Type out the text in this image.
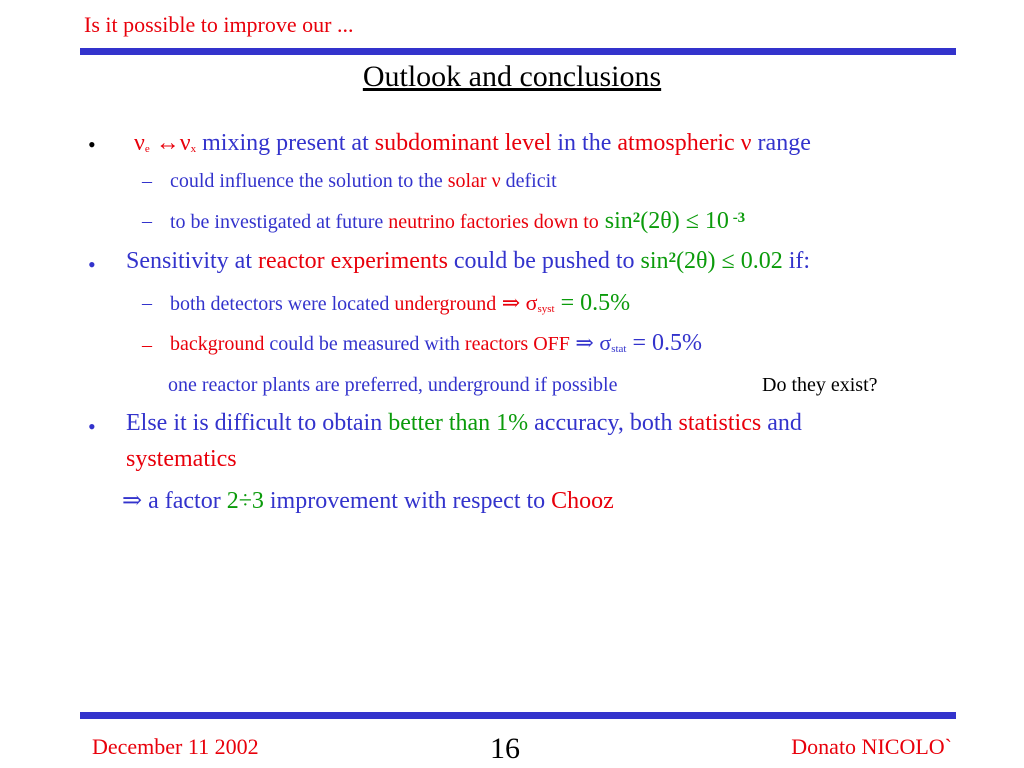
Is it possible to improve our ...
Outlook and conclusions
• νe ↔νx mixing present at subdominant level in the atmospheric ν range
– could influence the solution to the solar ν deficit
– to be investigated at future neutrino factories down to $\sin^2(2\theta) \le 10$ $^{-3}$
• Sensitivity at reactor experiments could be pushed to $\sin^2(2\theta) \le 0.02$ if:
– both detectors were located underground ⇒ σsyst = 0.5%
– background could be measured with reactors OFF ⇒ σstat = 0.5%
one reactor plants are preferred, underground if possible	Do they exist?
• Else it is difficult to obtain better than 1% accuracy, both statistics and
systematics
⇒ a factor 2÷3 improvement with respect to Chooz
December 11 2002	16	Donato NICOLO`
